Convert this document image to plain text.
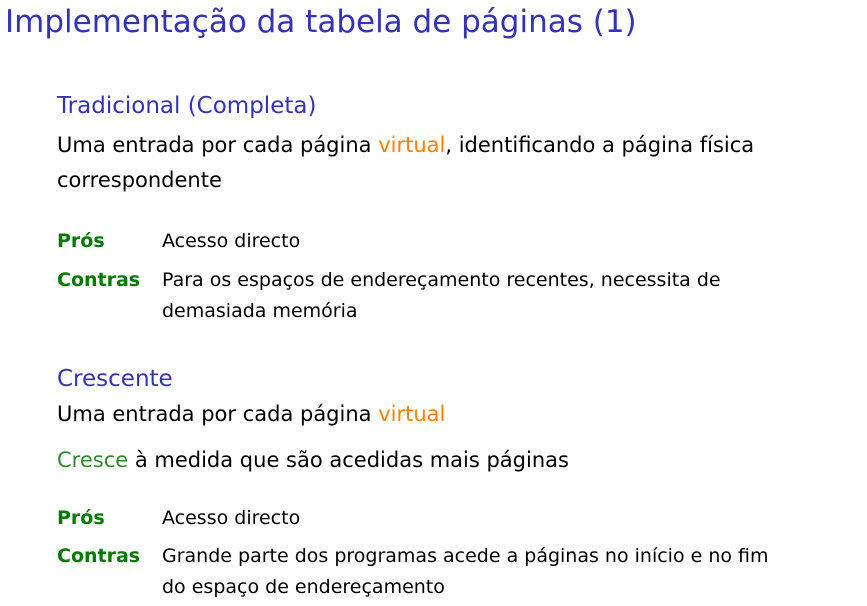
Implementação da tabela de páginas (1)
Tradicional (Completa)
Uma entrada por cada página virtual, identificando a página física
correspondente
Prós	Acesso directo
Contras Para os espaços de endereçamento recentes, necessita de
demasiada memória
Crescente
Uma entrada por cada página virtual
Cresce à medida que são acedidas mais páginas
Prós	Acesso directo
Contras Grande parte dos programas acede a páginas no início e no fim
do espaço de endereçamento
